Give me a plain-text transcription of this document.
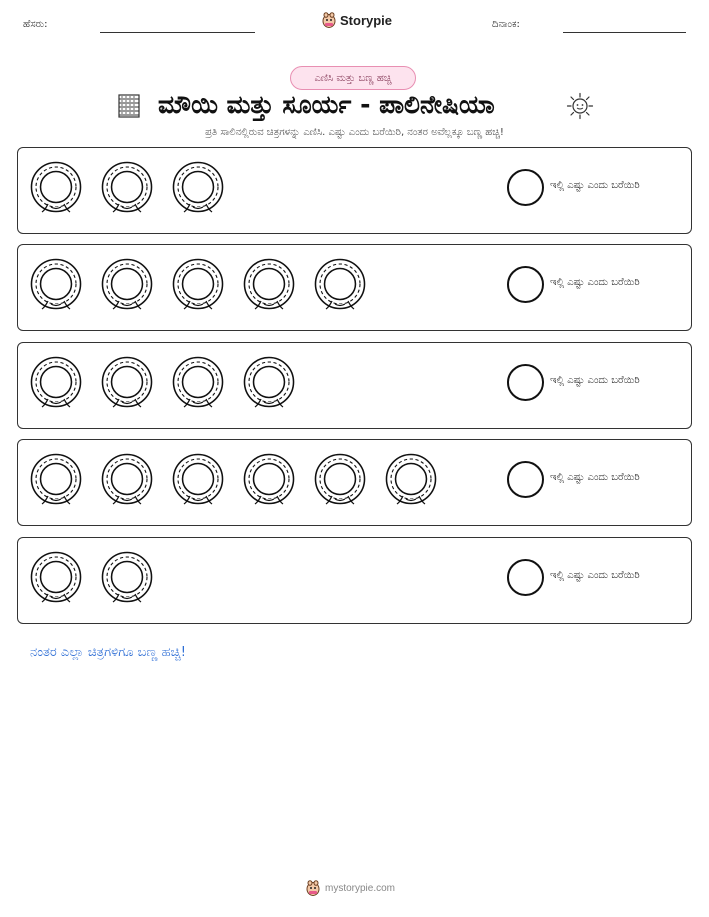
ಹೆಸರು:	Storypie	ದಿನಾಂಕ:
ಎಣಿಸಿ ಮತ್ತು ಬಣ್ಣ ಹಚ್ಚಿ
ಮೌಯಿ ಮತ್ತು ಸೂರ್ಯ - ಪಾಲಿನೇಷಿಯಾ
ಪ್ರತಿ ಸಾಲಿನಲ್ಲಿರುವ ಚಿತ್ರಗಳನ್ನು ಎಣಿಸಿ. ಎಷ್ಟು ಎಂದು ಬರೆಯಿರಿ, ನಂತರ ಅವೆಲ್ಲಕ್ಕೂ ಬಣ್ಣ ಹಚ್ಚಿ!
ಇಲ್ಲಿ ಎಷ್ಟು ಎಂದು ಬರೆಯಿರಿ
ಇಲ್ಲಿ ಎಷ್ಟು ಎಂದು ಬರೆಯಿರಿ
ಇಲ್ಲಿ ಎಷ್ಟು ಎಂದು ಬರೆಯಿರಿ
ಇಲ್ಲಿ ಎಷ್ಟು ಎಂದು ಬರೆಯಿರಿ
ಇಲ್ಲಿ ಎಷ್ಟು ಎಂದು ಬರೆಯಿರಿ
ನಂತರ ಎಲ್ಲಾ ಚಿತ್ರಗಳಿಗೂ ಬಣ್ಣ ಹಚ್ಚಿ!
mystorypie.com
